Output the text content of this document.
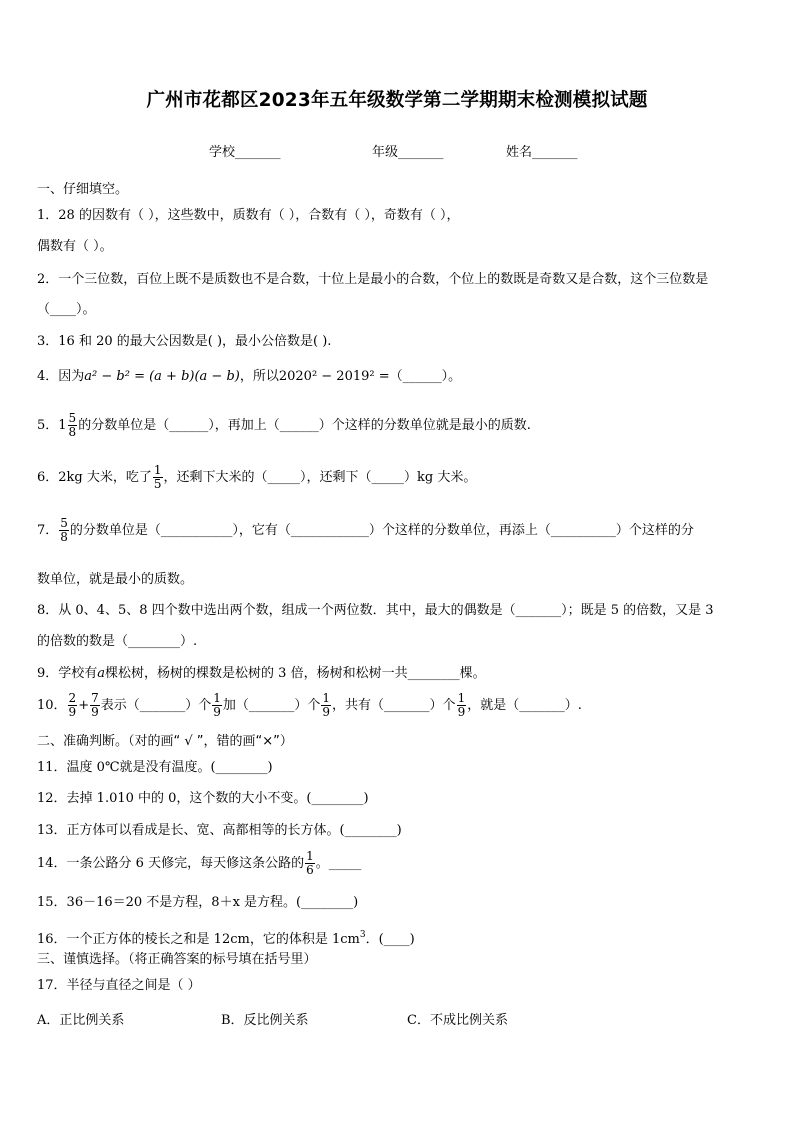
广州市花都区2023年五年级数学第二学期期末检测模拟试题
学校_______	年级_______	姓名_______
一、仔细填空。
1．28 的因数有（ ），这些数中，质数有（ ），合数有（ ），奇数有（ ），
偶数有（ ）。
2．一个三位数，百位上既不是质数也不是合数，十位上是最小的合数，个位上的数既是奇数又是合数，这个三位数是
（____）。
3．16 和 20 的最大公因数是( )，最小公倍数是( ).
4．因为a² − b² = (a + b)(a − b)，所以2020² − 2019² =（______）。
5．$1 \frac{5}{8}$ 的分数单位是（______），再加上（______）个这样的分数单位就是最小的质数.
6．2kg 大米，吃了 $\frac{1}{5}$ ，还剩下大米的（_____），还剩下（_____）kg 大米。
7． $\frac{5}{8}$ 的分数单位是（___________），它有（____________）个这样的分数单位，再添上（__________）个这样的分
数单位，就是最小的质数。
8．从 0、4、5、8 四个数中选出两个数，组成一个两位数．其中，最大的偶数是（_______）；既是 5 的倍数，又是 3
的倍数的数是（________）.
9．学校有a棵松树，杨树的棵数是松树的 3 倍，杨树和松树一共________棵。
10． $\frac{2}{9} + \frac{7}{9}$ 表示（_______）个 $\frac{1}{9}$ 加（_______）个 $\frac{1}{9}$ ，共有（_______）个 $\frac{1}{9}$ ，就是（_______）.
二、准确判断。（对的画“ √ ”，错的画“×”）
11．温度 0℃就是没有温度。(________)
12．去掉 1.010 中的 0，这个数的大小不变。(________)
13．正方体可以看成是长、宽、高都相等的长方体。(________)
14．一条公路分 6 天修完，每天修这条公路的 $\frac{1}{6}$ 。_____
15．36－16＝20 不是方程，8＋x 是方程。(________)
16．一个正方体的棱长之和是 12cm，它的体积是 $1cm^3$．(____)
三、谨慎选择。（将正确答案的标号填在括号里）
17．半径与直径之间是（ ）
A．正比例关系	B．反比例关系	C．不成比例关系
